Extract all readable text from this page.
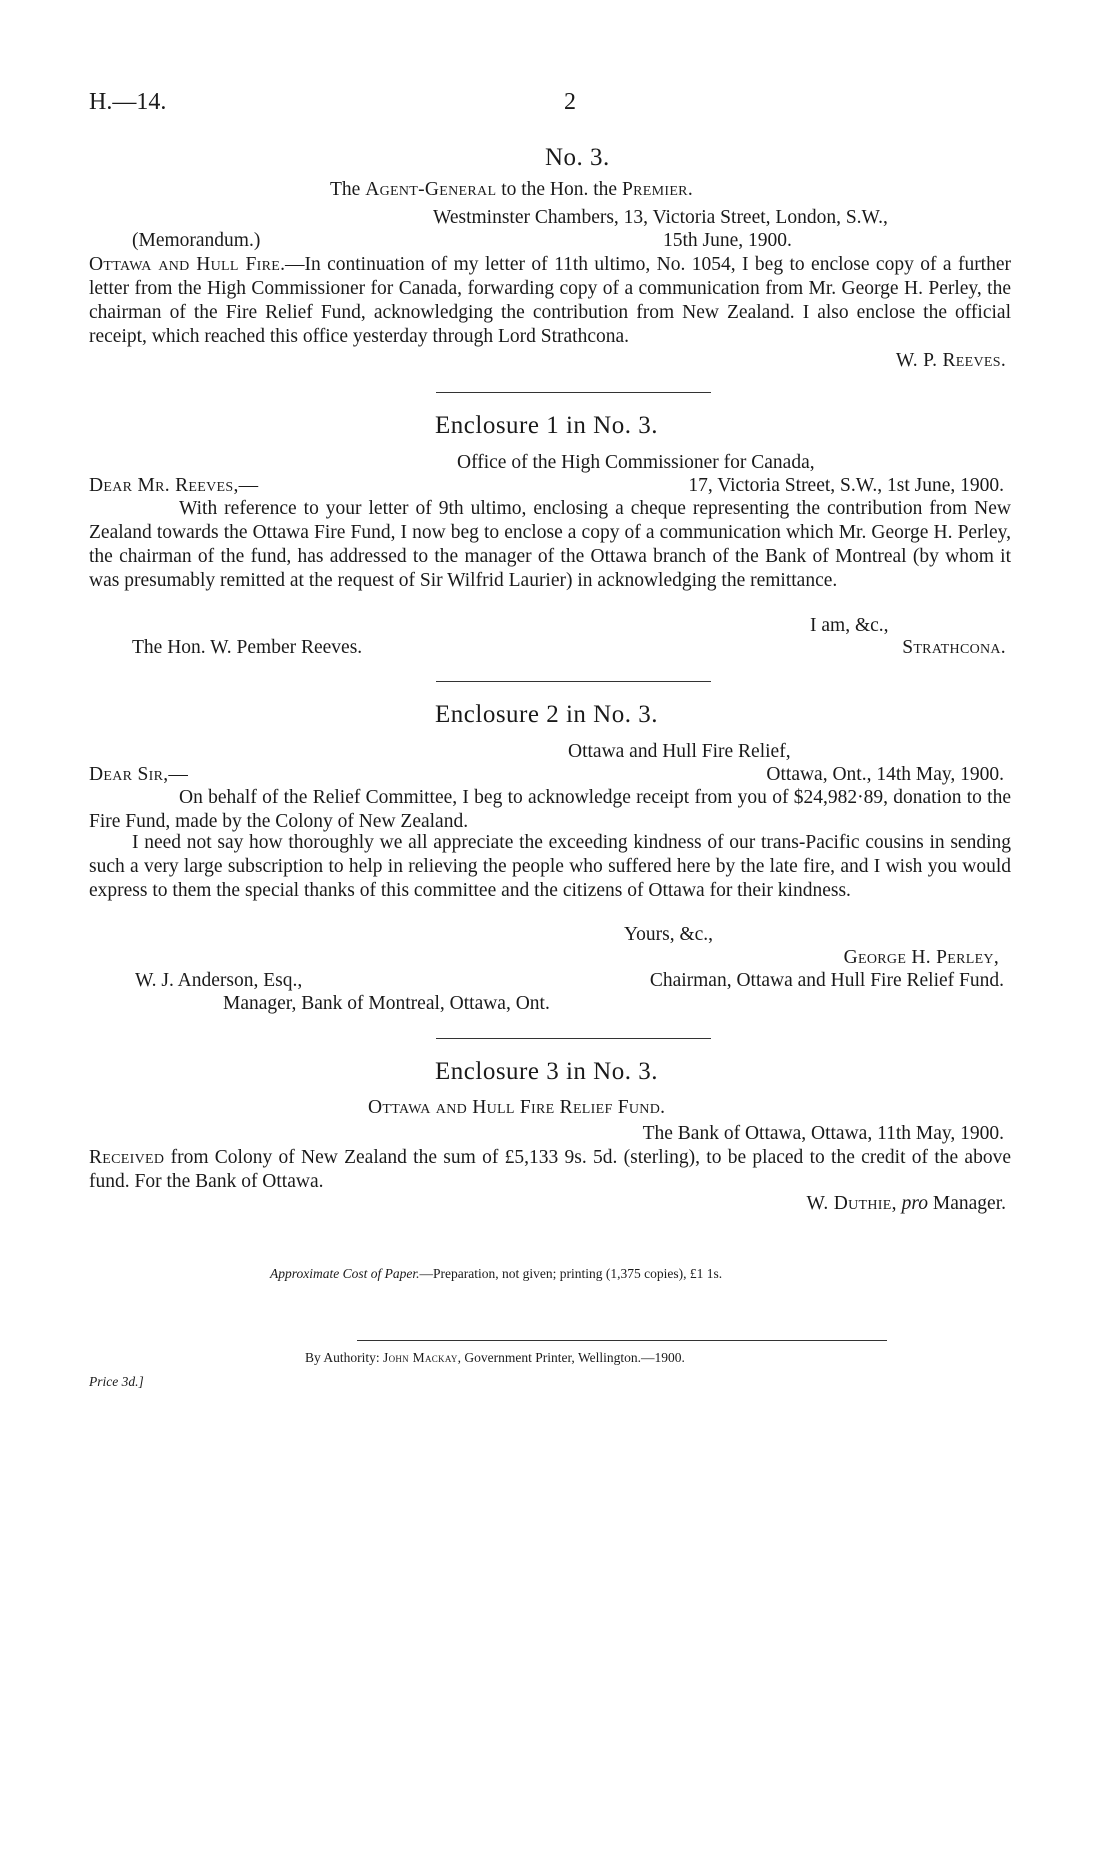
H.—14.	2
No. 3.
The Agent-General to the Hon. the Premier.
Westminster Chambers, 13, Victoria Street, London, S.W.,
(Memorandum.)	15th June, 1900.
Ottawa and Hull Fire.—In continuation of my letter of 11th ultimo, No. 1054, I beg to enclose copy of a further letter from the High Commissioner for Canada, forwarding copy of a communication from Mr. George H. Perley, the chairman of the Fire Relief Fund, acknowledging the contribution from New Zealand. I also enclose the official receipt, which reached this office yesterday through Lord Strathcona.
W. P. Reeves.
Enclosure 1 in No. 3.
Office of the High Commissioner for Canada,
Dear Mr. Reeves,—	17, Victoria Street, S.W., 1st June, 1900.
With reference to your letter of 9th ultimo, enclosing a cheque representing the contribution from New Zealand towards the Ottawa Fire Fund, I now beg to enclose a copy of a communication which Mr. George H. Perley, the chairman of the fund, has addressed to the manager of the Ottawa branch of the Bank of Montreal (by whom it was presumably remitted at the request of Sir Wilfrid Laurier) in acknowledging the remittance.
I am, &c.,
The Hon. W. Pember Reeves.	Strathcona.
Enclosure 2 in No. 3.
Ottawa and Hull Fire Relief,
Dear Sir,—	Ottawa, Ont., 14th May, 1900.
On behalf of the Relief Committee, I beg to acknowledge receipt from you of $24,982·89, donation to the Fire Fund, made by the Colony of New Zealand.
I need not say how thoroughly we all appreciate the exceeding kindness of our trans-Pacific cousins in sending such a very large subscription to help in relieving the people who suffered here by the late fire, and I wish you would express to them the special thanks of this committee and the citizens of Ottawa for their kindness.
Yours, &c.,
George H. Perley,
W. J. Anderson, Esq.,	Chairman, Ottawa and Hull Fire Relief Fund.
Manager, Bank of Montreal, Ottawa, Ont.
Enclosure 3 in No. 3.
Ottawa and Hull Fire Relief Fund.
The Bank of Ottawa, Ottawa, 11th May, 1900.
Received from Colony of New Zealand the sum of £5,133 9s. 5d. (sterling), to be placed to the credit of the above fund. For the Bank of Ottawa.
W. Duthie, pro Manager.
Approximate Cost of Paper.—Preparation, not given; printing (1,375 copies), £1 1s.
By Authority: John Mackay, Government Printer, Wellington.—1900.
Price 3d.]
